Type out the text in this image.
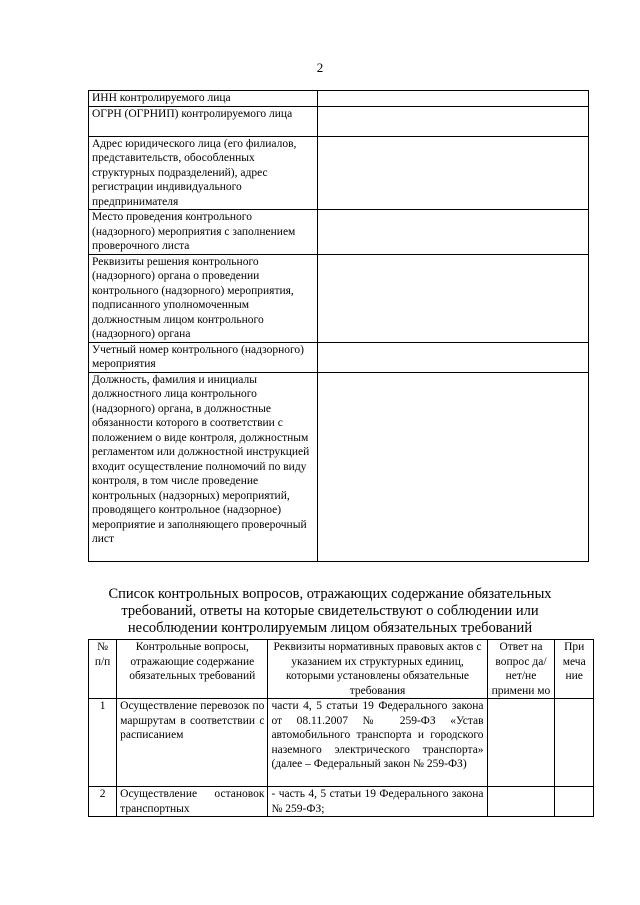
2
ИНН контролируемого лица	
ОГРН (ОГРНИП) контролируемого лица	
Адрес юридического лица (его филиалов, представительств, обособленных структурных подразделений), адрес регистрации индивидуального предпринимателя	
Место проведения контрольного (надзорного) мероприятия с заполнением проверочного листа	
Реквизиты решения контрольного (надзорного) органа о проведении контрольного (надзорного) мероприятия, подписанного уполномоченным должностным лицом контрольного (надзорного) органа	
Учетный номер контрольного (надзорного) мероприятия	
Должность, фамилия и инициалы должностного лица контрольного (надзорного) органа, в должностные обязанности которого в соответствии с положением о виде контроля, должностным регламентом или должностной инструкцией входит осуществление полномочий по виду контроля, в том числе проведение контрольных (надзорных) мероприятий, проводящего контрольное (надзорное) мероприятие и заполняющего проверочный лист	
Список контрольных вопросов, отражающих содержание обязательных требований, ответы на которые свидетельствуют о соблюдении или несоблюдении контролируемым лицом обязательных требований
№ п/п	Контрольные вопросы, отражающие содержание обязательных требований	Реквизиты нормативных правовых актов с указанием их структурных единиц, которыми установлены обязательные требования	Ответ на вопрос да/нет/не примени мо	При меча ние
1	Осуществление перевозок по маршрутам в соответствии с расписанием	части 4, 5 статьи 19 Федерального закона от 08.11.2007 № 259-ФЗ «Устав автомобильного транспорта и городского наземного электрического транспорта» (далее – Федеральный закон № 259-ФЗ)		
2	Осуществление остановок транспортных	- часть 4, 5 статьи 19 Федерального закона № 259-ФЗ;		
